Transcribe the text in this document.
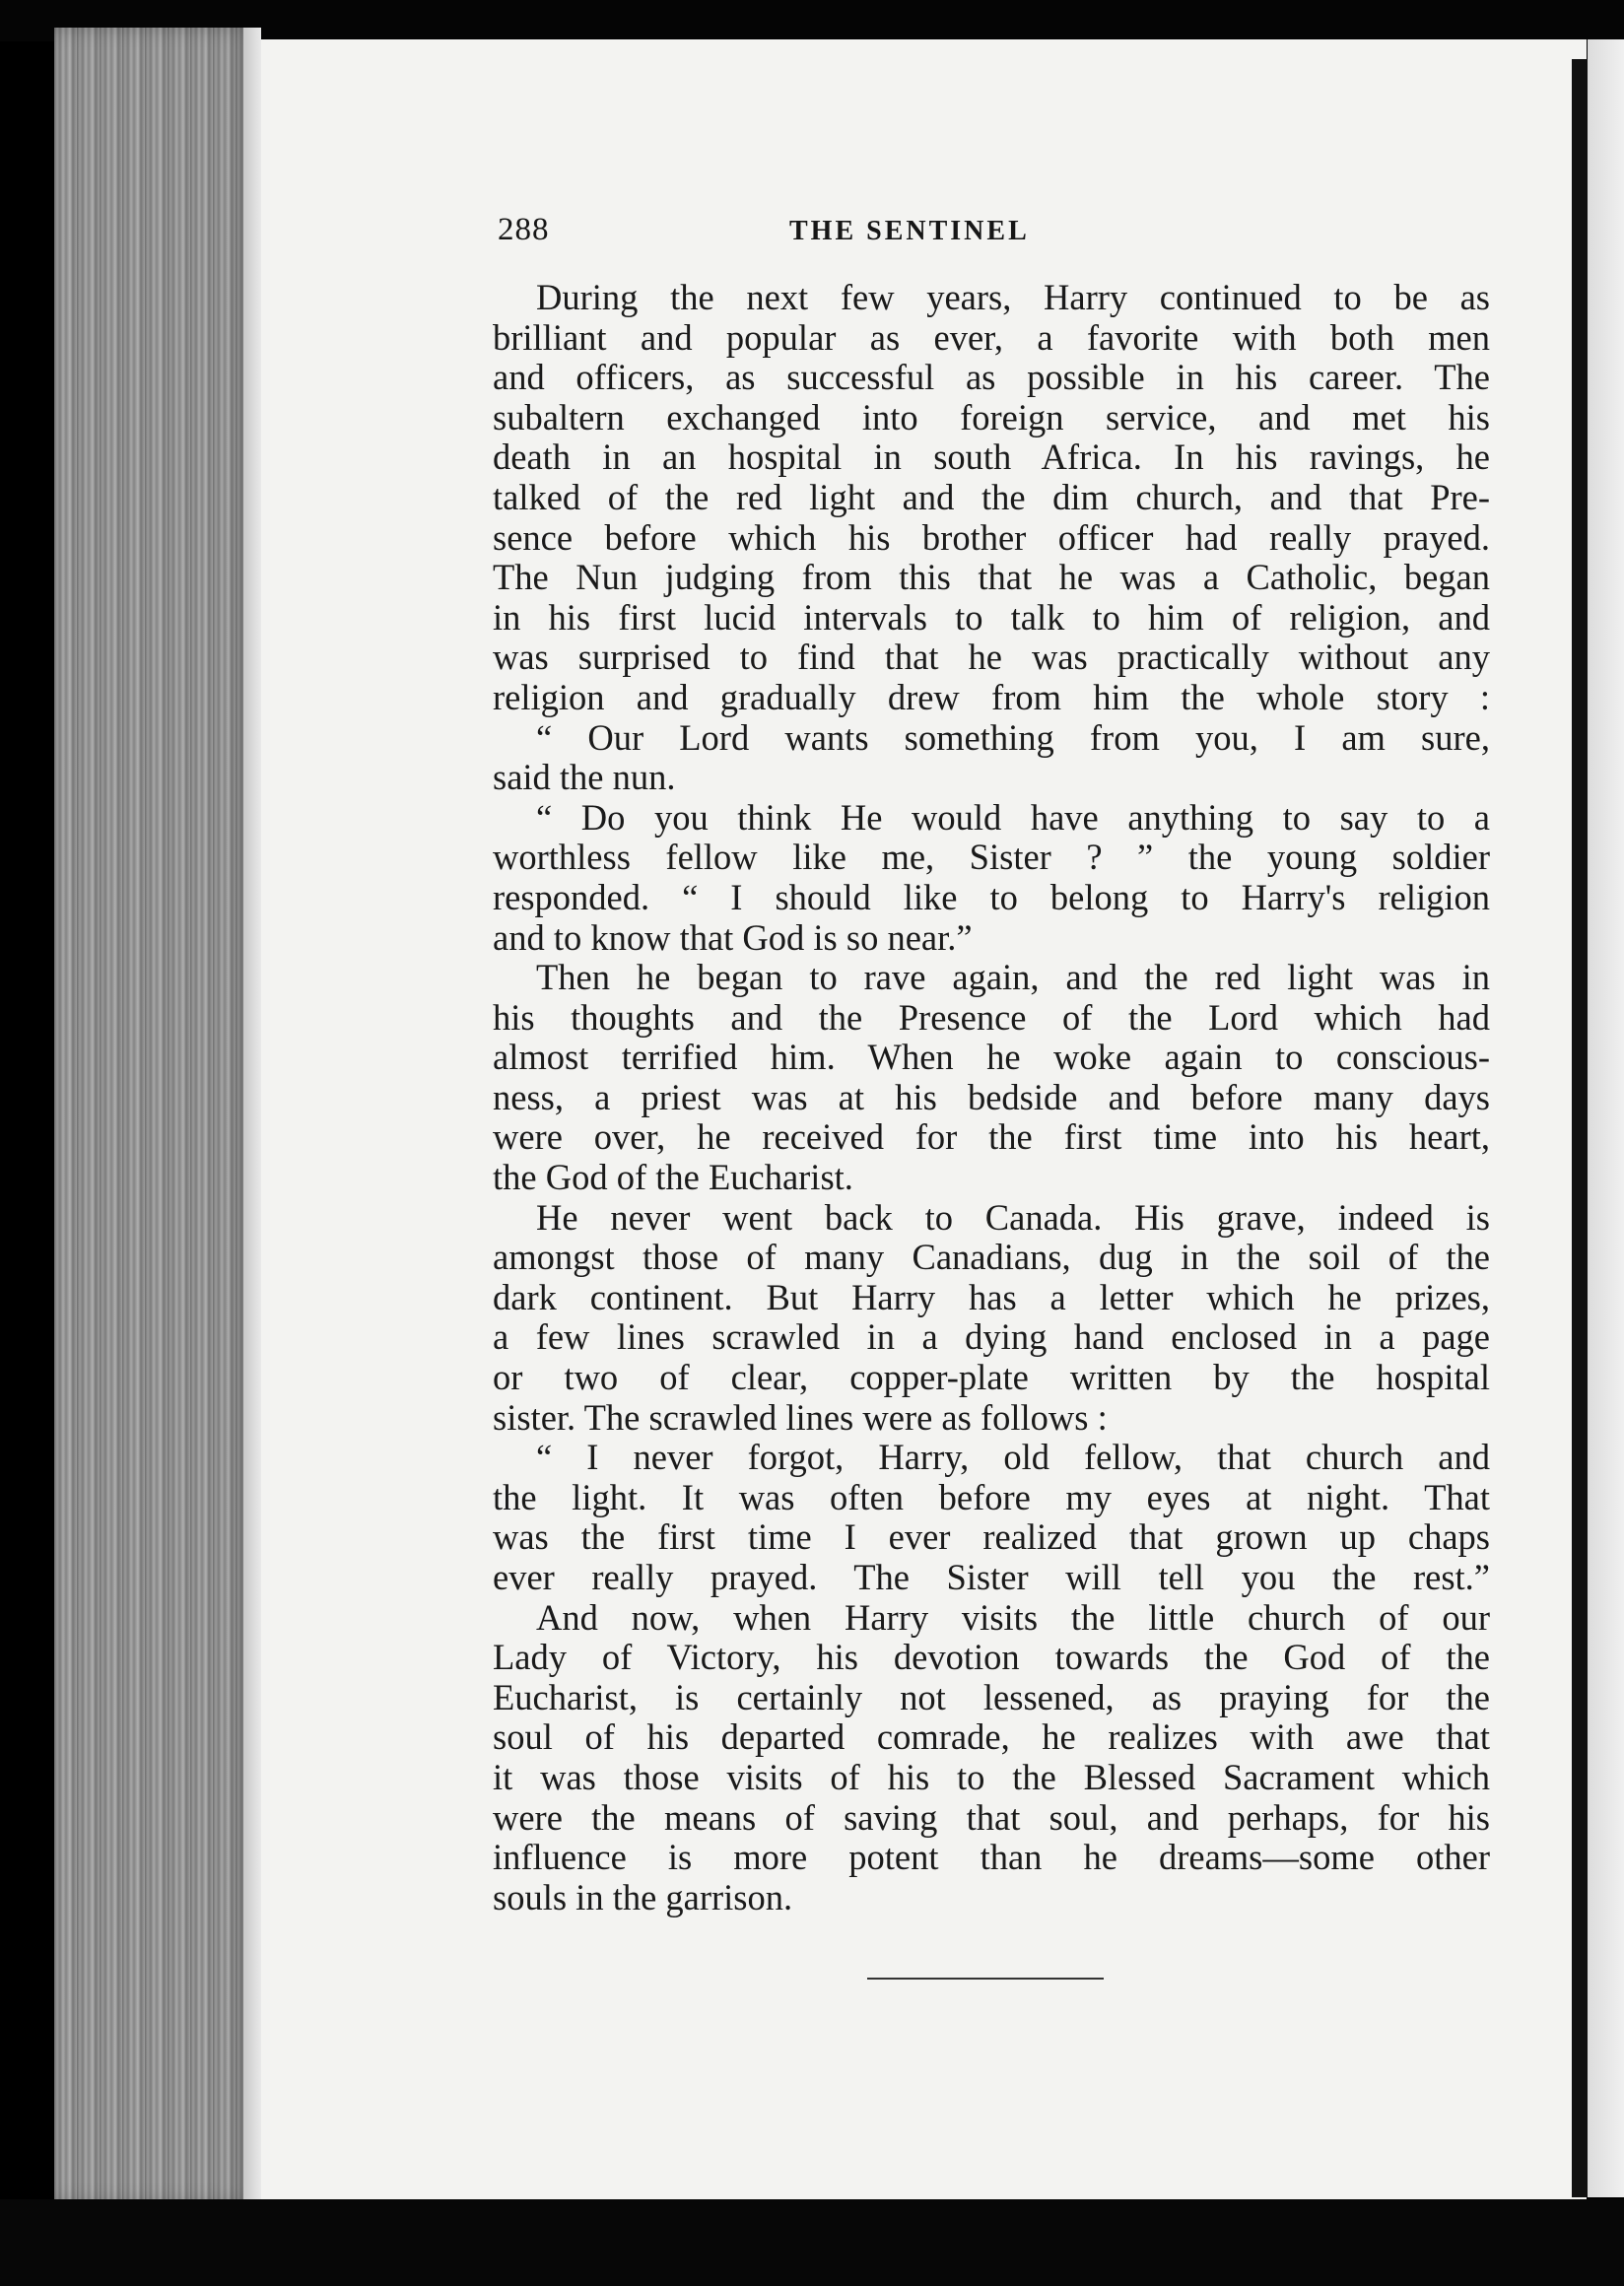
288	THE SENTINEL
During the next few years, Harry continued to be as
brilliant and popular as ever, a favorite with both men
and officers, as successful as possible in his career. The
subaltern exchanged into foreign service, and met his
death in an hospital in south Africa. In his ravings, he
talked of the red light and the dim church, and that Pre-
sence before which his brother officer had really prayed.
The Nun judging from this that he was a Catholic, began
in his first lucid intervals to talk to him of religion, and
was surprised to find that he was practically without any
religion and gradually drew from him the whole story :
“ Our Lord wants something from you, I am sure,
said the nun.
“ Do you think He would have anything to say to a
worthless fellow like me, Sister ? ” the young soldier
responded. “ I should like to belong to Harry's religion
and to know that God is so near.”
Then he began to rave again, and the red light was in
his thoughts and the Presence of the Lord which had
almost terrified him. When he woke again to conscious-
ness, a priest was at his bedside and before many days
were over, he received for the first time into his heart,
the God of the Eucharist.
He never went back to Canada. His grave, indeed is
amongst those of many Canadians, dug in the soil of the
dark continent. But Harry has a letter which he prizes,
a few lines scrawled in a dying hand enclosed in a page
or two of clear, copper-plate written by the hospital
sister. The scrawled lines were as follows :
“ I never forgot, Harry, old fellow, that church and
the light. It was often before my eyes at night. That
was the first time I ever realized that grown up chaps
ever really prayed. The Sister will tell you the rest.”
And now, when Harry visits the little church of our
Lady of Victory, his devotion towards the God of the
Eucharist, is certainly not lessened, as praying for the
soul of his departed comrade, he realizes with awe that
it was those visits of his to the Blessed Sacrament which
were the means of saving that soul, and perhaps, for his
influence is more potent than he dreams—some other
souls in the garrison.
